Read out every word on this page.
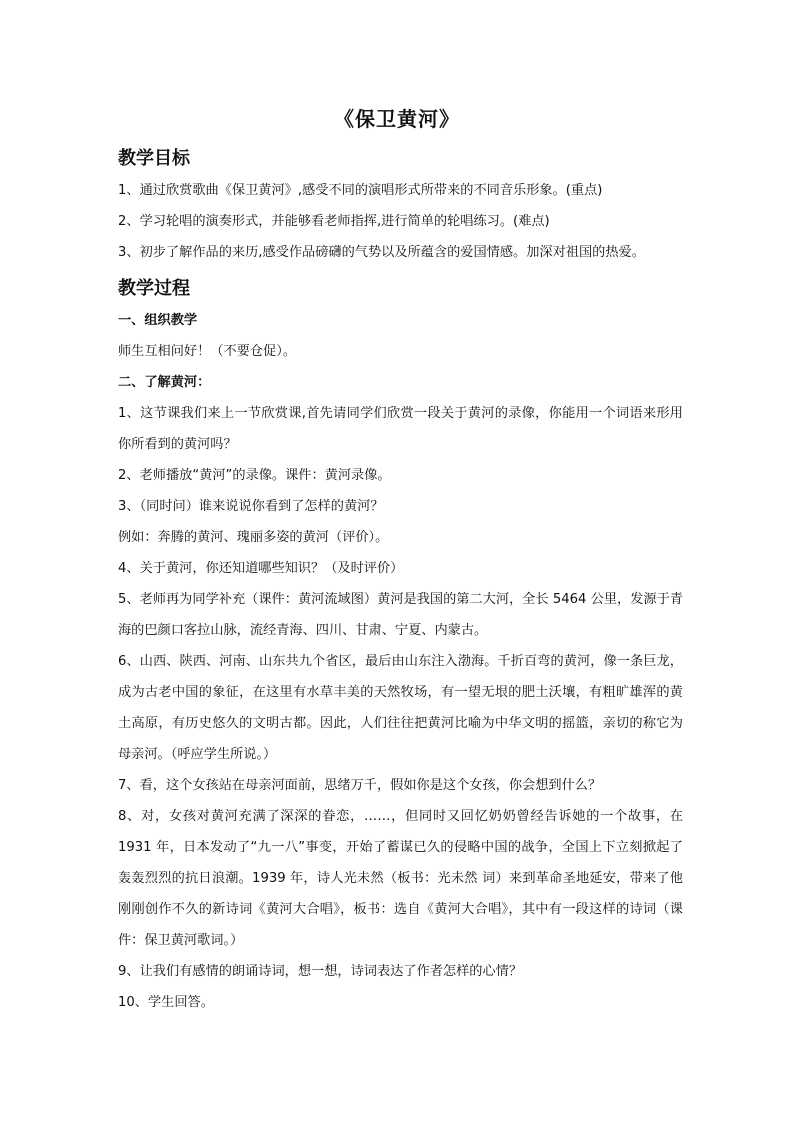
《保卫黄河》
教学目标

1、通过欣赏歌曲《保卫黄河》,感受不同的演唱形式所带来的不同音乐形象。(重点)

2、学习轮唱的演奏形式，并能够看老师指挥,进行简单的轮唱练习。(难点)

3、初步了解作品的来历,感受作品磅礴的气势以及所蕴含的爱国情感。加深对祖国的热爱。

教学过程

一、组织教学

师生互相问好！（不要仓促）。

二、了解黄河：

1、这节课我们来上一节欣赏课,首先请同学们欣赏一段关于黄河的录像，你能用一个词语来形用你所看到的黄河吗？

2、老师播放“黄河”的录像。课件：黄河录像。

3、（同时问）谁来说说你看到了怎样的黄河？

例如：奔腾的黄河、瑰丽多姿的黄河（评价）。

4、关于黄河，你还知道哪些知识？（及时评价）

5、老师再为同学补充（课件：黄河流域图）黄河是我国的第二大河，全长 5464 公里，发源于青海的巴颜口客拉山脉，流经青海、四川、甘肃、宁夏、内蒙古。

6、山西、陕西、河南、山东共九个省区，最后由山东注入渤海。千折百弯的黄河，像一条巨龙，成为古老中国的象征，在这里有水草丰美的天然牧场，有一望无垠的肥土沃壤，有粗旷雄浑的黄土高原，有历史悠久的文明古都。因此，人们往往把黄河比喻为中华文明的摇篮，亲切的称它为母亲河。（呼应学生所说。）

7、看，这个女孩站在母亲河面前，思绪万千，假如你是这个女孩，你会想到什么？

8、对，女孩对黄河充满了深深的眷恋，……，但同时又回忆奶奶曾经告诉她的一个故事，在 1931 年，日本发动了“九一八”事变，开始了蓄谋已久的侵略中国的战争，全国上下立刻掀起了轰轰烈烈的抗日浪潮。1939 年，诗人光未然（板书：光未然 词）来到革命圣地延安，带来了他刚刚创作不久的新诗词《黄河大合唱》，板书：选自《黄河大合唱》，其中有一段这样的诗词（课件：保卫黄河歌词。）

9、让我们有感情的朗诵诗词，想一想，诗词表达了作者怎样的心情？

10、学生回答。
